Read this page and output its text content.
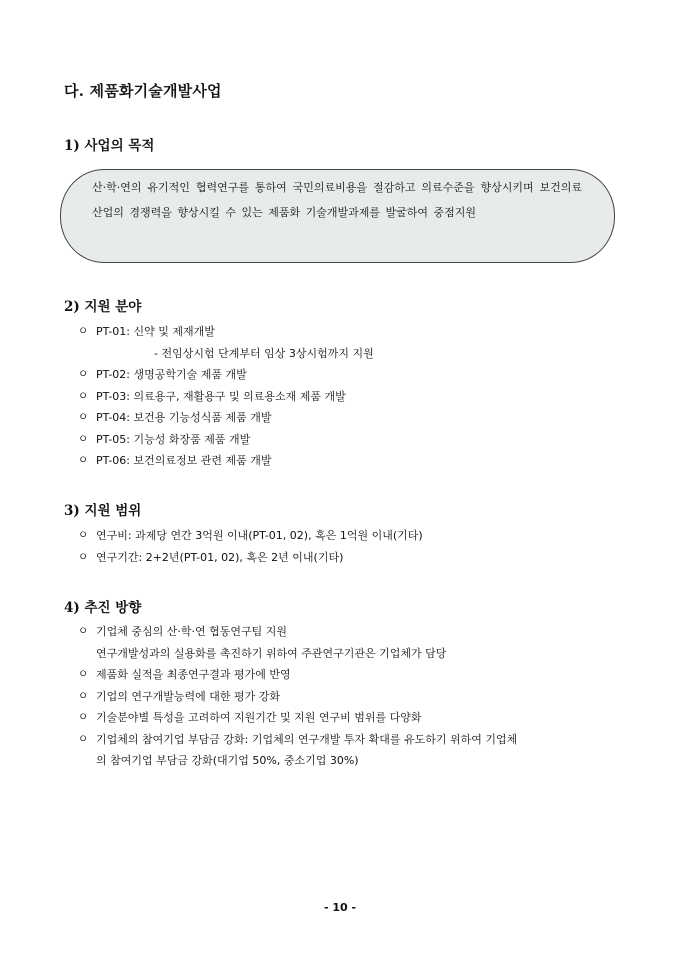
다. 제품화기술개발사업
1) 사업의 목적
산·학·연의 유기적인 협력연구를 통하여 국민의료비용을 절감하고 의료수준을 향상시키며 보건의료산업의 경쟁력을 향상시킬 수 있는 제품화 기술개발과제를 발굴하여 중점지원
2) 지원 분야
ㅇ PT-01: 신약 및 제재개발
- 전임상시험 단계부터 임상 3상시험까지 지원
ㅇ PT-02: 생명공학기술 제품 개발
ㅇ PT-03: 의료용구, 재활용구 및 의료용소재 제품 개발
ㅇ PT-04: 보건용 기능성식품 제품 개발
ㅇ PT-05: 기능성 화장품 제품 개발
ㅇ PT-06: 보건의료정보 관련 제품 개발
3) 지원 범위
ㅇ 연구비: 과제당 연간 3억원 이내(PT-01, 02), 혹은 1억원 이내(기타)
ㅇ 연구기간: 2+2년(PT-01, 02), 혹은 2년 이내(기타)
4) 추진 방향
ㅇ 기업체 중심의 산·학·연 협동연구팀 지원
연구개발성과의 실용화를 촉진하기 위하여 주관연구기관은 기업체가 담당
ㅇ 제품화 실적을 최종연구결과 평가에 반영
ㅇ 기업의 연구개발능력에 대한 평가 강화
ㅇ 기술분야별 특성을 고려하여 지원기간 및 지원 연구비 범위를 다양화
ㅇ 기업체의 참여기업 부담금 강화: 기업체의 연구개발 투자 확대를 유도하기 위하여 기업체
의 참여기업 부담금 강화(대기업 50%, 중소기업 30%)
- 10 -
